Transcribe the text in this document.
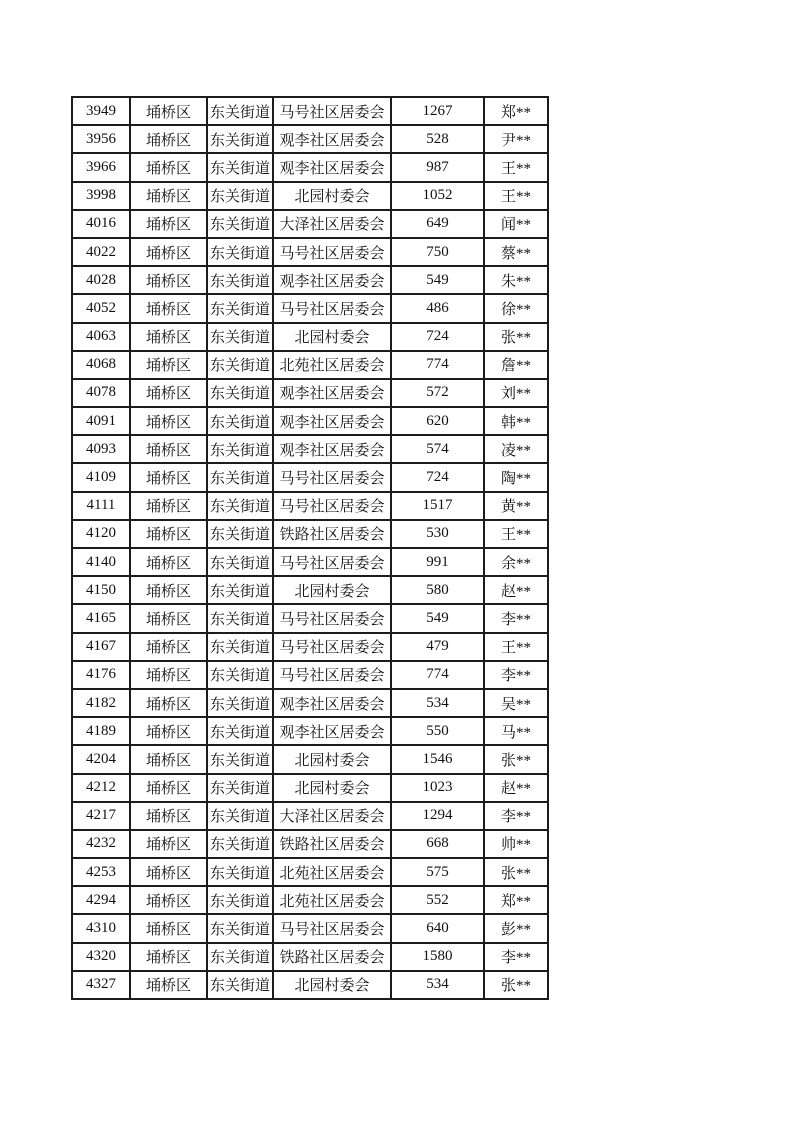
3949	埇桥区	东关街道	马号社区居委会	1267	郑**
3956	埇桥区	东关街道	观李社区居委会	528	尹**
3966	埇桥区	东关街道	观李社区居委会	987	王**
3998	埇桥区	东关街道	北园村委会	1052	王**
4016	埇桥区	东关街道	大泽社区居委会	649	闻**
4022	埇桥区	东关街道	马号社区居委会	750	蔡**
4028	埇桥区	东关街道	观李社区居委会	549	朱**
4052	埇桥区	东关街道	马号社区居委会	486	徐**
4063	埇桥区	东关街道	北园村委会	724	张**
4068	埇桥区	东关街道	北苑社区居委会	774	詹**
4078	埇桥区	东关街道	观李社区居委会	572	刘**
4091	埇桥区	东关街道	观李社区居委会	620	韩**
4093	埇桥区	东关街道	观李社区居委会	574	凌**
4109	埇桥区	东关街道	马号社区居委会	724	陶**
4111	埇桥区	东关街道	马号社区居委会	1517	黄**
4120	埇桥区	东关街道	铁路社区居委会	530	王**
4140	埇桥区	东关街道	马号社区居委会	991	余**
4150	埇桥区	东关街道	北园村委会	580	赵**
4165	埇桥区	东关街道	马号社区居委会	549	李**
4167	埇桥区	东关街道	马号社区居委会	479	王**
4176	埇桥区	东关街道	马号社区居委会	774	李**
4182	埇桥区	东关街道	观李社区居委会	534	吴**
4189	埇桥区	东关街道	观李社区居委会	550	马**
4204	埇桥区	东关街道	北园村委会	1546	张**
4212	埇桥区	东关街道	北园村委会	1023	赵**
4217	埇桥区	东关街道	大泽社区居委会	1294	李**
4232	埇桥区	东关街道	铁路社区居委会	668	帅**
4253	埇桥区	东关街道	北苑社区居委会	575	张**
4294	埇桥区	东关街道	北苑社区居委会	552	郑**
4310	埇桥区	东关街道	马号社区居委会	640	彭**
4320	埇桥区	东关街道	铁路社区居委会	1580	李**
4327	埇桥区	东关街道	北园村委会	534	张**
